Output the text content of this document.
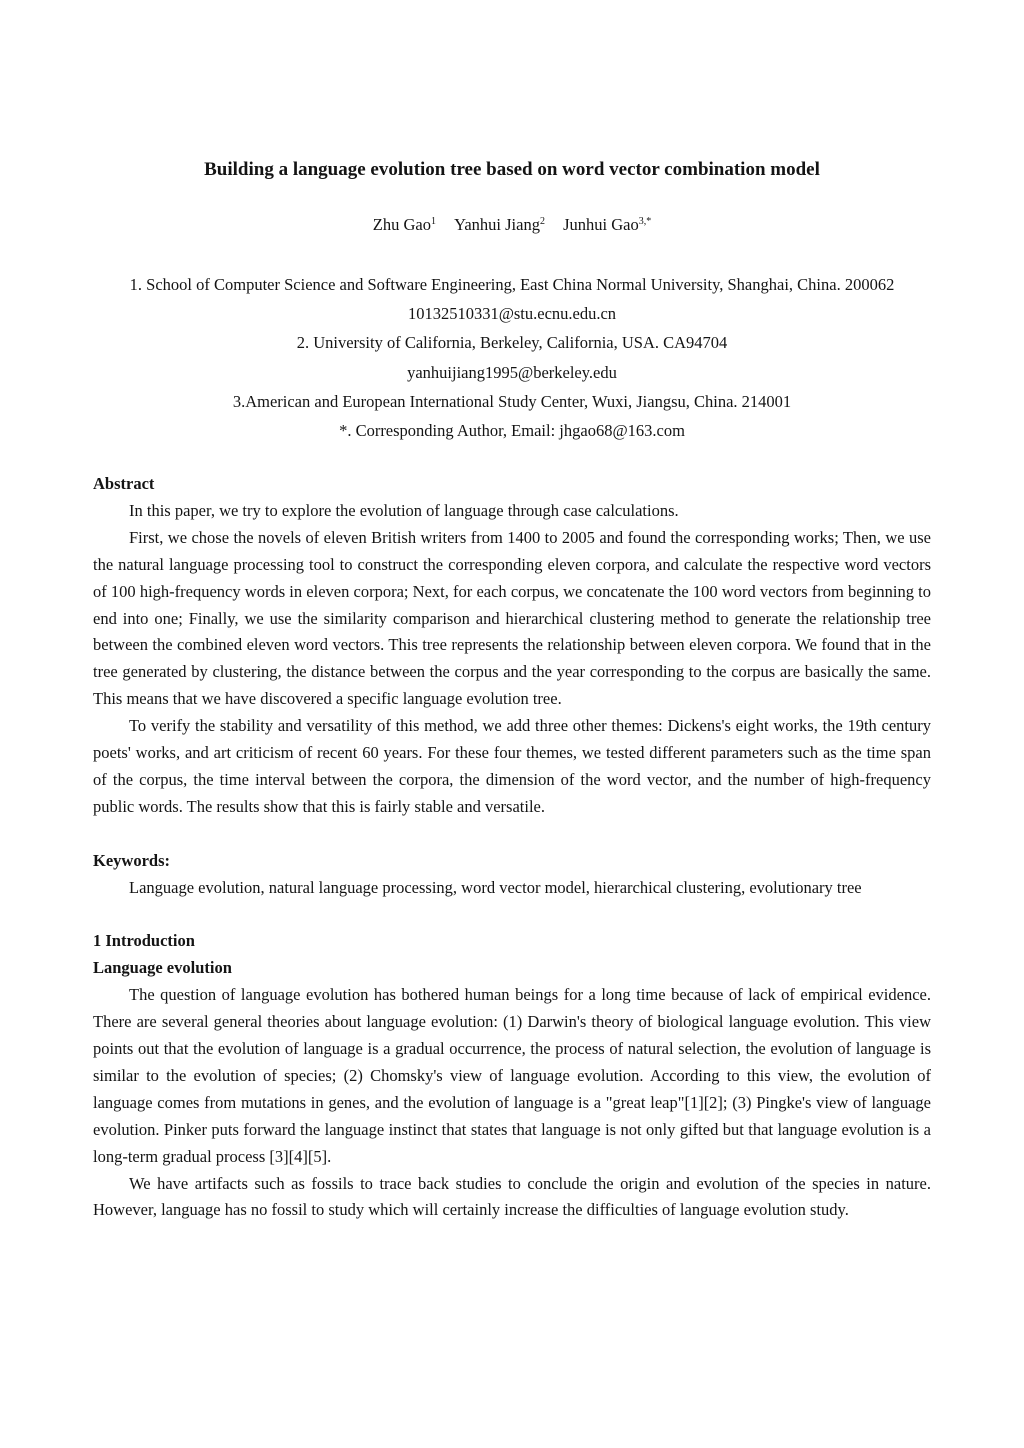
Building a language evolution tree based on word vector combination model
Zhu Gao$^1$ Yanhui Jiang$^2$ Junhui Gao$^{3,*}$
1. School of Computer Science and Software Engineering, East China Normal University, Shanghai, China. 200062
10132510331@stu.ecnu.edu.cn
2. University of California, Berkeley, California, USA. CA94704
yanhuijiang1995@berkeley.edu
3.American and European International Study Center, Wuxi, Jiangsu, China. 214001
*. Corresponding Author, Email: jhgao68@163.com
Abstract

In this paper, we try to explore the evolution of language through case calculations.

First, we chose the novels of eleven British writers from 1400 to 2005 and found the corresponding works; Then, we use the natural language processing tool to construct the corresponding eleven corpora, and calculate the respective word vectors of 100 high-frequency words in eleven corpora; Next, for each corpus, we concatenate the 100 word vectors from beginning to end into one; Finally, we use the similarity comparison and hierarchical clustering method to generate the relationship tree between the combined eleven word vectors. This tree represents the relationship between eleven corpora. We found that in the tree generated by clustering, the distance between the corpus and the year corresponding to the corpus are basically the same. This means that we have discovered a specific language evolution tree.

To verify the stability and versatility of this method, we add three other themes: Dickens's eight works, the 19th century poets' works, and art criticism of recent 60 years. For these four themes, we tested different parameters such as the time span of the corpus, the time interval between the corpora, the dimension of the word vector, and the number of high-frequency public words. The results show that this is fairly stable and versatile.

Keywords:

Language evolution, natural language processing, word vector model, hierarchical clustering, evolutionary tree

1 Introduction
Language evolution

The question of language evolution has bothered human beings for a long time because of lack of empirical evidence. There are several general theories about language evolution: (1) Darwin's theory of biological language evolution. This view points out that the evolution of language is a gradual occurrence, the process of natural selection, the evolution of language is similar to the evolution of species; (2) Chomsky's view of language evolution. According to this view, the evolution of language comes from mutations in genes, and the evolution of language is a "great leap"[1][2]; (3) Pingke's view of language evolution. Pinker puts forward the language instinct that states that language is not only gifted but that language evolution is a long-term gradual process [3][4][5].

We have artifacts such as fossils to trace back studies to conclude the origin and evolution of the species in nature. However, language has no fossil to study which will certainly increase the difficulties of language evolution study.
